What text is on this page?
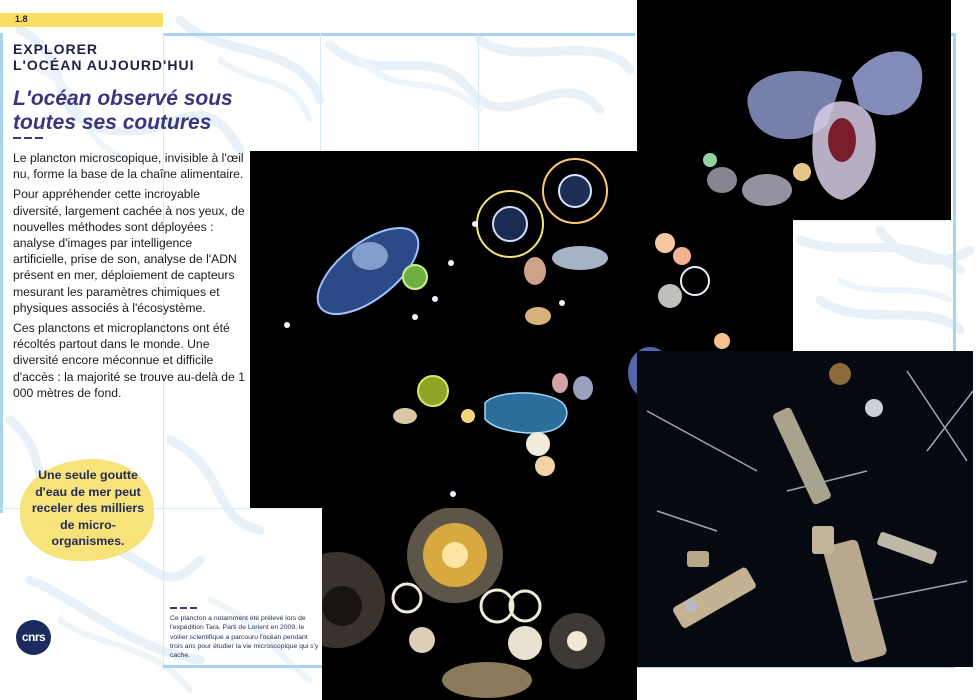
1.8
EXPLORER
L'OCÉAN AUJOURD'HUI
L'océan observé sous toutes ses coutures

Le plancton microscopique, invisible à l'œil nu, forme la base de la chaîne alimentaire.

Pour appréhender cette incroyable diversité, largement cachée à nos yeux, de nouvelles méthodes sont déployées : analyse d'images par intelligence artificielle, prise de son, analyse de l'ADN présent en mer, déploiement de capteurs mesurant les paramètres chimiques et physiques associés à l'écosystème.

Ces planctons et microplanctons ont été récoltés partout dans le monde. Une diversité encore méconnue et difficile d'accès : la majorité se trouve au-delà de 1 000 mètres de fond.

Une seule goutte d'eau de mer peut receler des milliers de micro-organismes.
cnrs
Ce plancton a notamment été prélevé lors de l'expédition Tara. Parti de Lorient en 2009, le voilier scientifique a parcouru l'océan pendant trois ans pour étudier la vie microscopique qui s'y cache.
